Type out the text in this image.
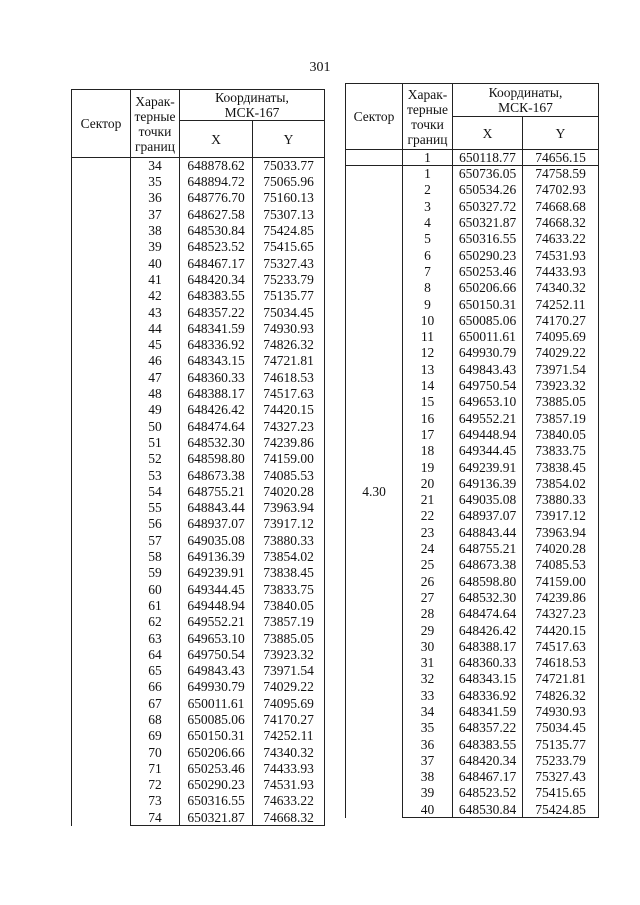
301
Сектор	Харак-
терные
точки
границ	Координаты,
МСК-167	
		X	Y
	34	648878.62	75033.77
	35	648894.72	75065.96
	36	648776.70	75160.13
	37	648627.58	75307.13
	38	648530.84	75424.85
	39	648523.52	75415.65
	40	648467.17	75327.43
	41	648420.34	75233.79
	42	648383.55	75135.77
	43	648357.22	75034.45
	44	648341.59	74930.93
	45	648336.92	74826.32
	46	648343.15	74721.81
	47	648360.33	74618.53
	48	648388.17	74517.63
	49	648426.42	74420.15
	50	648474.64	74327.23
	51	648532.30	74239.86
	52	648598.80	74159.00
	53	648673.38	74085.53
	54	648755.21	74020.28
	55	648843.44	73963.94
	56	648937.07	73917.12
	57	649035.08	73880.33
	58	649136.39	73854.02
	59	649239.91	73838.45
	60	649344.45	73833.75
	61	649448.94	73840.05
	62	649552.21	73857.19
	63	649653.10	73885.05
	64	649750.54	73923.32
	65	649843.43	73971.54
	66	649930.79	74029.22
	67	650011.61	74095.69
	68	650085.06	74170.27
	69	650150.31	74252.11
	70	650206.66	74340.32
	71	650253.46	74433.93
	72	650290.23	74531.93
	73	650316.55	74633.22
	74	650321.87	74668.32
Сектор	Харак-
терные
точки
границ	Координаты,
МСК-167	
		X	Y
	1	650118.77	74656.15
4.30	1	650736.05	74758.59
	2	650534.26	74702.93
	3	650327.72	74668.68
	4	650321.87	74668.32
	5	650316.55	74633.22
	6	650290.23	74531.93
	7	650253.46	74433.93
	8	650206.66	74340.32
	9	650150.31	74252.11
	10	650085.06	74170.27
	11	650011.61	74095.69
	12	649930.79	74029.22
	13	649843.43	73971.54
	14	649750.54	73923.32
	15	649653.10	73885.05
	16	649552.21	73857.19
	17	649448.94	73840.05
	18	649344.45	73833.75
	19	649239.91	73838.45
	20	649136.39	73854.02
	21	649035.08	73880.33
	22	648937.07	73917.12
	23	648843.44	73963.94
	24	648755.21	74020.28
	25	648673.38	74085.53
	26	648598.80	74159.00
	27	648532.30	74239.86
	28	648474.64	74327.23
	29	648426.42	74420.15
	30	648388.17	74517.63
	31	648360.33	74618.53
	32	648343.15	74721.81
	33	648336.92	74826.32
	34	648341.59	74930.93
	35	648357.22	75034.45
	36	648383.55	75135.77
	37	648420.34	75233.79
	38	648467.17	75327.43
	39	648523.52	75415.65
	40	648530.84	75424.85
